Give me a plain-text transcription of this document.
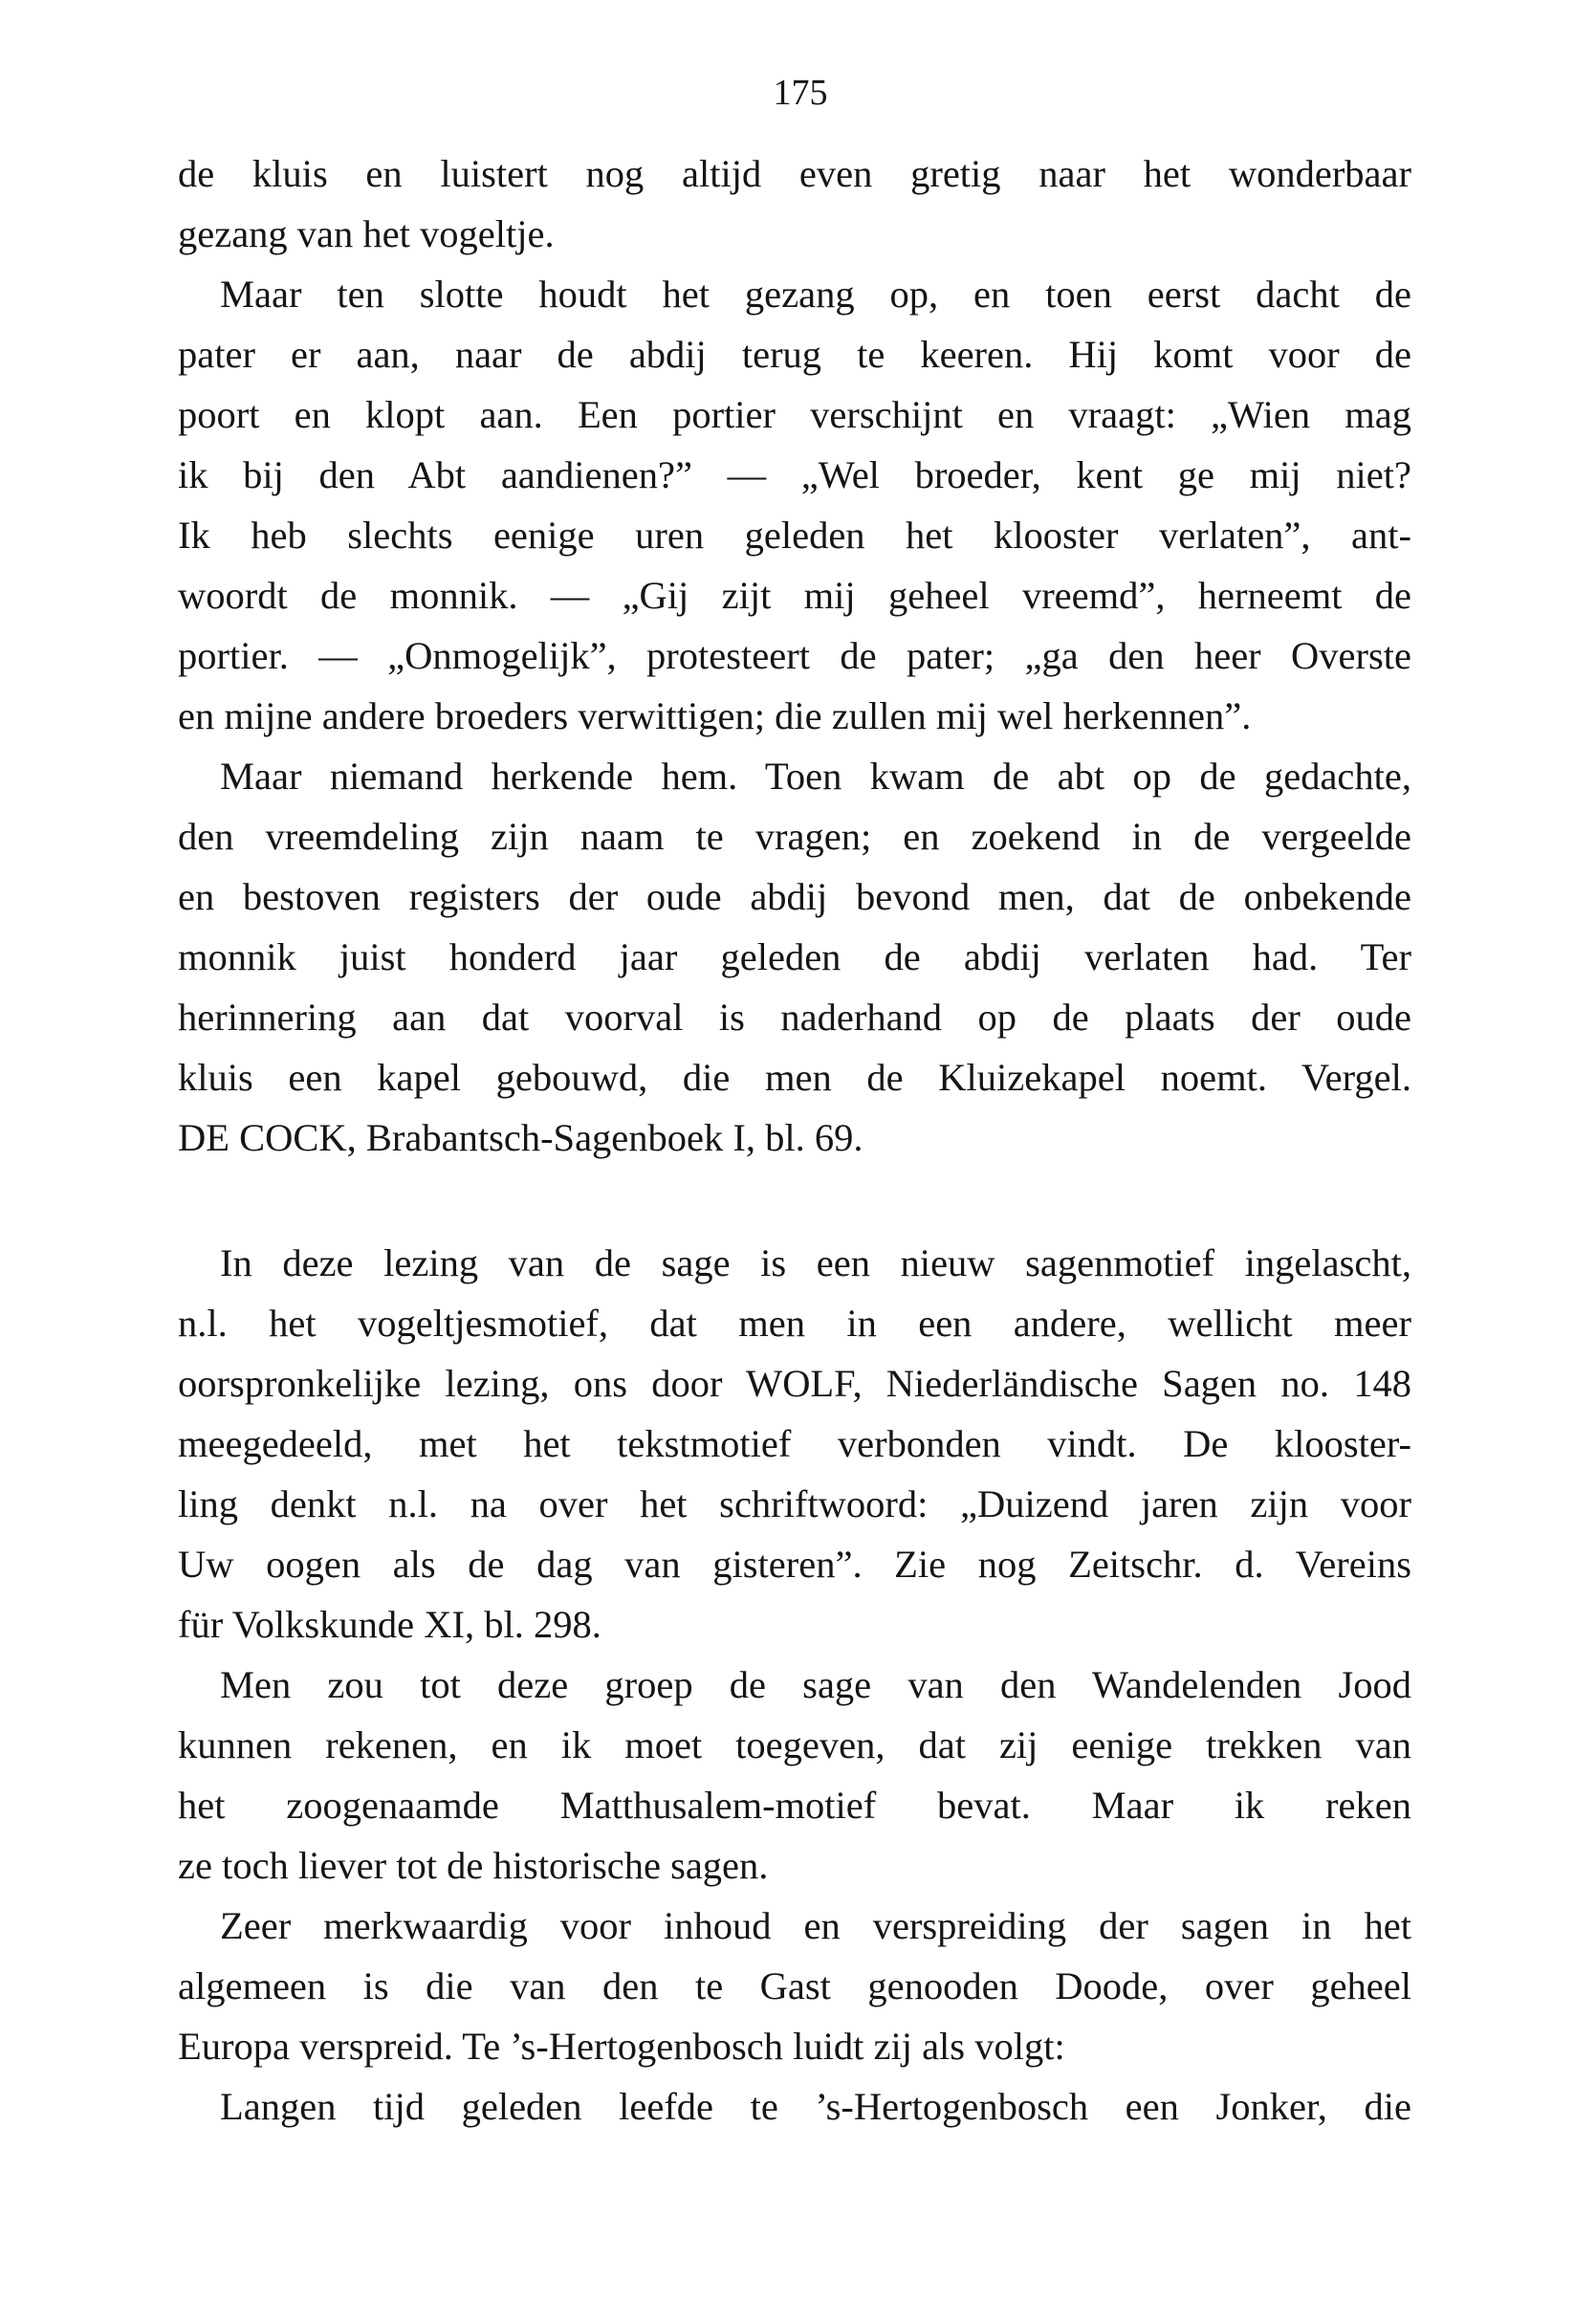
175
de kluis en luistert nog altijd even gretig naar het wonderbaar
gezang van het vogeltje.
Maar ten slotte houdt het gezang op, en toen eerst dacht de
pater er aan, naar de abdij terug te keeren. Hij komt voor de
poort en klopt aan. Een portier verschijnt en vraagt: „Wien mag
ik bij den Abt aandienen?” — „Wel broeder, kent ge mij niet?
Ik heb slechts eenige uren geleden het klooster verlaten”, ant-
woordt de monnik. — „Gij zijt mij geheel vreemd”, herneemt de
portier. — „Onmogelijk”, protesteert de pater; „ga den heer Overste
en mijne andere broeders verwittigen; die zullen mij wel herkennen”.
Maar niemand herkende hem. Toen kwam de abt op de gedachte,
den vreemdeling zijn naam te vragen; en zoekend in de vergeelde
en bestoven registers der oude abdij bevond men, dat de onbekende
monnik juist honderd jaar geleden de abdij verlaten had. Ter
herinnering aan dat voorval is naderhand op de plaats der oude
kluis een kapel gebouwd, die men de Kluizekapel noemt. Vergel.
DE COCK, Brabantsch-Sagenboek I, bl. 69.
In deze lezing van de sage is een nieuw sagenmotief ingelascht,
n.l. het vogeltjesmotief, dat men in een andere, wellicht meer
oorspronkelijke lezing, ons door WOLF, Niederländische Sagen no. 148
meegedeeld, met het tekstmotief verbonden vindt. De klooster-
ling denkt n.l. na over het schriftwoord: „Duizend jaren zijn voor
Uw oogen als de dag van gisteren”. Zie nog Zeitschr. d. Vereins
für Volkskunde XI, bl. 298.
Men zou tot deze groep de sage van den Wandelenden Jood
kunnen rekenen, en ik moet toegeven, dat zij eenige trekken van
het zoogenaamde Matthusalem-motief bevat. Maar ik reken
ze toch liever tot de historische sagen.
Zeer merkwaardig voor inhoud en verspreiding der sagen in het
algemeen is die van den te Gast genooden Doode, over geheel
Europa verspreid. Te ’s-Hertogenbosch luidt zij als volgt:
Langen tijd geleden leefde te ’s-Hertogenbosch een Jonker, die
